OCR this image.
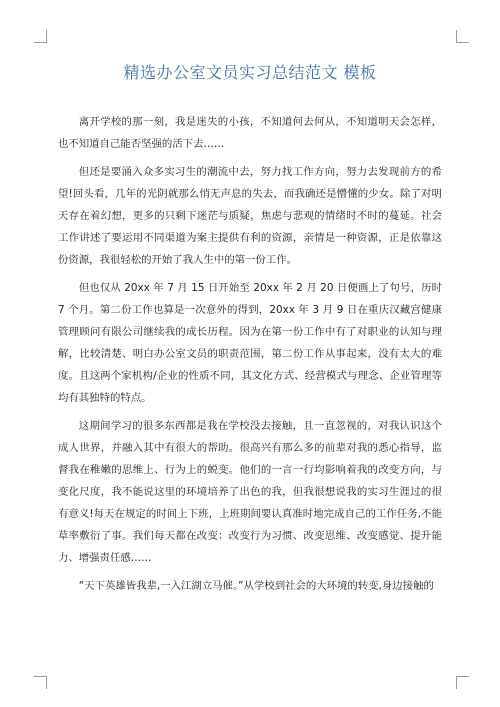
精选办公室文员实习总结范文 模板

离开学校的那一刻，我是迷失的小孩，不知道何去何从，不知道明天会怎样，也不知道自己能否坚强的活下去……

但还是要涌入众多实习生的潮流中去，努力找工作方向，努力去发现前方的希望!回头看，几年的光阴就那么悄无声息的失去，而我确还是懵懂的少女。除了对明天存在着幻想，更多的只剩下迷茫与质疑，焦虑与悲观的情绪时不时的蔓延。社会工作讲述了要运用不同渠道为案主提供有利的资源，亲情是一种资源，正是依靠这份资源，我很轻松的开始了我人生中的第一份工作。

但也仅从 20xx 年 7 月 15 日开始至 20xx 年 2 月 20 日便画上了句号，历时 7 个月。第二份工作也算是一次意外的得到，20xx 年 3 月 9 日在重庆汉藏宫健康管理顾问有限公司继续我的成长历程。因为在第一份工作中有了对职业的认知与理解，比较清楚、明白办公室文员的职责范围，第二份工作从事起来，没有太大的难度。且这两个家机构/企业的性质不同，其文化方式、经营模式与理念、企业管理等均有其独特的特点。

这期间学习的很多东西都是我在学校没去接触，且一直忽视的，对我认识这个成人世界，并融入其中有很大的帮助。很高兴有那么多的前辈对我的悉心指导，监督我在稚嫩的思维上、行为上的蜕变。他们的一言一行均影响着我的改变方向，与变化尺度，我不能说这里的环境培养了出色的我，但我很想说我的实习生涯过的很有意义!每天在规定的时间上下班，上班期间要认真准时地完成自己的工作任务,不能草率敷衍了事。我们每天都在改变：改变行为习惯、改变思维、改变感觉、提升能力、增强责任感……

“天下英雄皆我辈,一入江湖立马催。”从学校到社会的大环境的转变,身边接触的
